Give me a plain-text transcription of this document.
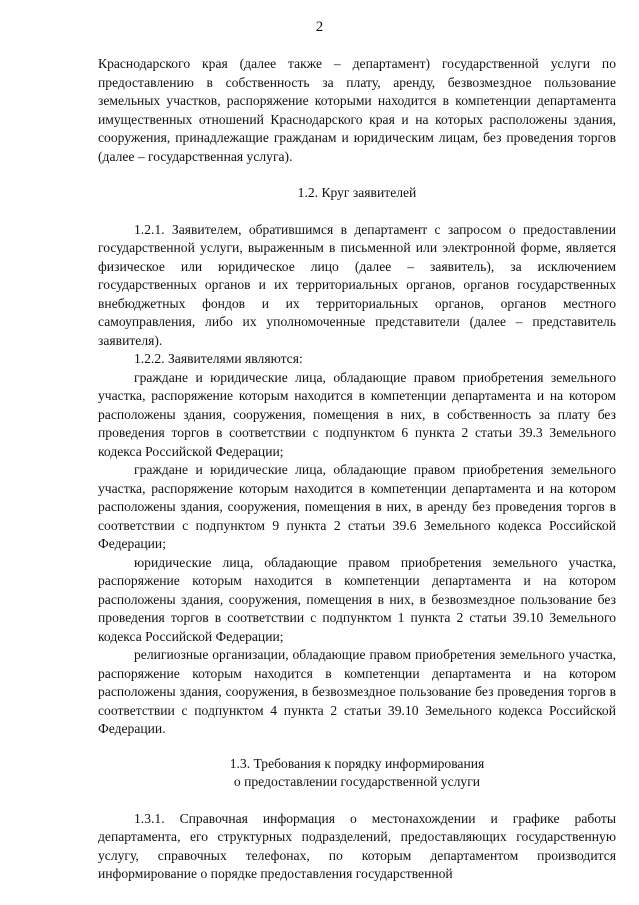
2

Краснодарского края (далее также – департамент) государственной услуги по предоставлению в собственность за плату, аренду, безвозмездное пользование земельных участков, распоряжение которыми находится в компетенции департамента имущественных отношений Краснодарского края и на которых расположены здания, сооружения, принадлежащие гражданам и юридическим лицам, без проведения торгов (далее – государственная услуга).

1.2. Круг заявителей

1.2.1. Заявителем, обратившимся в департамент с запросом о предоставлении государственной услуги, выраженным в письменной или электронной форме, является физическое или юридическое лицо (далее – заявитель), за исключением государственных органов и их территориальных органов, органов государственных внебюджетных фондов и их территориальных органов, органов местного самоуправления, либо их уполномоченные представители (далее – представитель заявителя).

1.2.2. Заявителями являются:

граждане и юридические лица, обладающие правом приобретения земельного участка, распоряжение которым находится в компетенции департамента и на котором расположены здания, сооружения, помещения в них, в собственность за плату без проведения торгов в соответствии с подпунктом 6 пункта 2 статьи 39.3 Земельного кодекса Российской Федерации;

граждане и юридические лица, обладающие правом приобретения земельного участка, распоряжение которым находится в компетенции департамента и на котором расположены здания, сооружения, помещения в них, в аренду без проведения торгов в соответствии с подпунктом 9 пункта 2 статьи 39.6 Земельного кодекса Российской Федерации;

юридические лица, обладающие правом приобретения земельного участка, распоряжение которым находится в компетенции департамента и на котором расположены здания, сооружения, помещения в них, в безвозмездное пользование без проведения торгов в соответствии с подпунктом 1 пункта 2 статьи 39.10 Земельного кодекса Российской Федерации;

религиозные организации, обладающие правом приобретения земельного участка, распоряжение которым находится в компетенции департамента и на котором расположены здания, сооружения, в безвозмездное пользование без проведения торгов в соответствии с подпунктом 4 пункта 2 статьи 39.10 Земельного кодекса Российской Федерации.

1.3. Требования к порядку информирования

о предоставлении государственной услуги

1.3.1. Справочная информация о местонахождении и графике работы департамента, его структурных подразделений, предоставляющих государственную услугу, справочных телефонах, по которым департаментом производится информирование о порядке предоставления государственной
